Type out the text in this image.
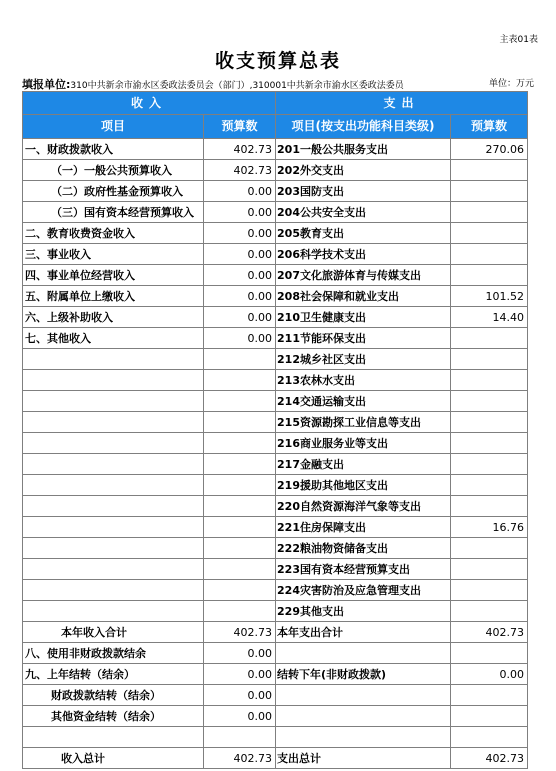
主表01表
收支预算总表
填报单位:310中共新余市渝水区委政法委员会（部门）,310001中共新余市渝水区委政法委员	单位：万元
收入		支出	
项目	预算数	项目(按支出功能科目类级)	预算数
一、财政拨款收入	402.73	201一般公共服务支出	270.06
（一）一般公共预算收入	402.73	202外交支出	
（二）政府性基金预算收入	0.00	203国防支出	
（三）国有资本经营预算收入	0.00	204公共安全支出	
二、教育收费资金收入	0.00	205教育支出	
三、事业收入	0.00	206科学技术支出	
四、事业单位经营收入	0.00	207文化旅游体育与传媒支出	
五、附属单位上缴收入	0.00	208社会保障和就业支出	101.52
六、上级补助收入	0.00	210卫生健康支出	14.40
七、其他收入	0.00	211节能环保支出	
		212城乡社区支出	
		213农林水支出	
		214交通运输支出	
		215资源勘探工业信息等支出	
		216商业服务业等支出	
		217金融支出	
		219援助其他地区支出	
		220自然资源海洋气象等支出	
		221住房保障支出	16.76
		222粮油物资储备支出	
		223国有资本经营预算支出	
		224灾害防治及应急管理支出	
		229其他支出	
本年收入合计	402.73	本年支出合计	402.73
八、使用非财政拨款结余	0.00		
九、上年结转（结余）	0.00	结转下年(非财政拨款)	0.00
财政拨款结转（结余）	0.00		
其他资金结转（结余）	0.00		

收入总计	402.73	支出总计	402.73
